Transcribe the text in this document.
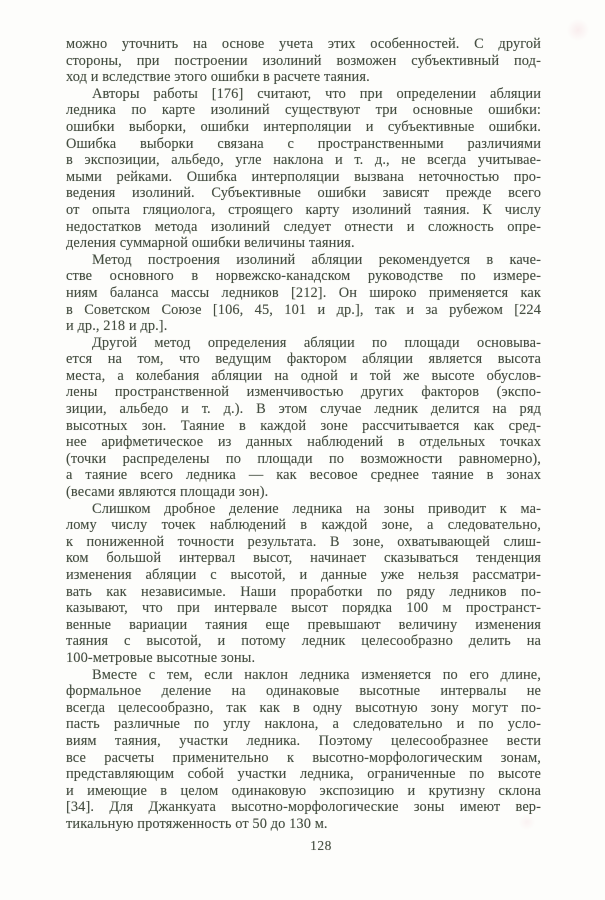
можно уточнить на основе учета этих особенностей. С другой
стороны, при построении изолиний возможен субъективный под-
ход и вследствие этого ошибки в расчете таяния.
Авторы работы [176] считают, что при определении абляции
ледника по карте изолиний существуют три основные ошибки:
ошибки выборки, ошибки интерполяции и субъективные ошибки.
Ошибка выборки связана с пространственными различиями
в экспозиции, альбедо, угле наклона и т. д., не всегда учитывае-
мыми рейками. Ошибка интерполяции вызвана неточностью про-
ведения изолиний. Субъективные ошибки зависят прежде всего
от опыта гляциолога, строящего карту изолиний таяния. К числу
недостатков метода изолиний следует отнести и сложность опре-
деления суммарной ошибки величины таяния.
Метод построения изолиний абляции рекомендуется в каче-
стве основного в норвежско-канадском руководстве по измере-
ниям баланса массы ледников [212]. Он широко применяется как
в Советском Союзе [106, 45, 101 и др.], так и за рубежом [224
и др., 218 и др.].
Другой метод определения абляции по площади основыва-
ется на том, что ведущим фактором абляции является высота
места, а колебания абляции на одной и той же высоте обуслов-
лены пространственной изменчивостью других факторов (экспо-
зиции, альбедо и т. д.). В этом случае ледник делится на ряд
высотных зон. Таяние в каждой зоне рассчитывается как сред-
нее арифметическое из данных наблюдений в отдельных точках
(точки распределены по площади по возможности равномерно),
а таяние всего ледника — как весовое среднее таяние в зонах
(весами являются площади зон).
Слишком дробное деление ледника на зоны приводит к ма-
лому числу точек наблюдений в каждой зоне, а следовательно,
к пониженной точности результата. В зоне, охватывающей слиш-
ком большой интервал высот, начинает сказываться тенденция
изменения абляции с высотой, и данные уже нельзя рассматри-
вать как независимые. Наши проработки по ряду ледников по-
казывают, что при интервале высот порядка 100 м пространст-
венные вариации таяния еще превышают величину изменения
таяния с высотой, и потому ледник целесообразно делить на
100-метровые высотные зоны.
Вместе с тем, если наклон ледника изменяется по его длине,
формальное деление на одинаковые высотные интервалы не
всегда целесообразно, так как в одну высотную зону могут по-
пасть различные по углу наклона, а следовательно и по усло-
виям таяния, участки ледника. Поэтому целесообразнее вести
все расчеты применительно к высотно-морфологическим зонам,
представляющим собой участки ледника, ограниченные по высоте
и имеющие в целом одинаковую экспозицию и крутизну склона
[34]. Для Джанкуата высотно-морфологические зоны имеют вер-
тикальную протяженность от 50 до 130 м.
128
